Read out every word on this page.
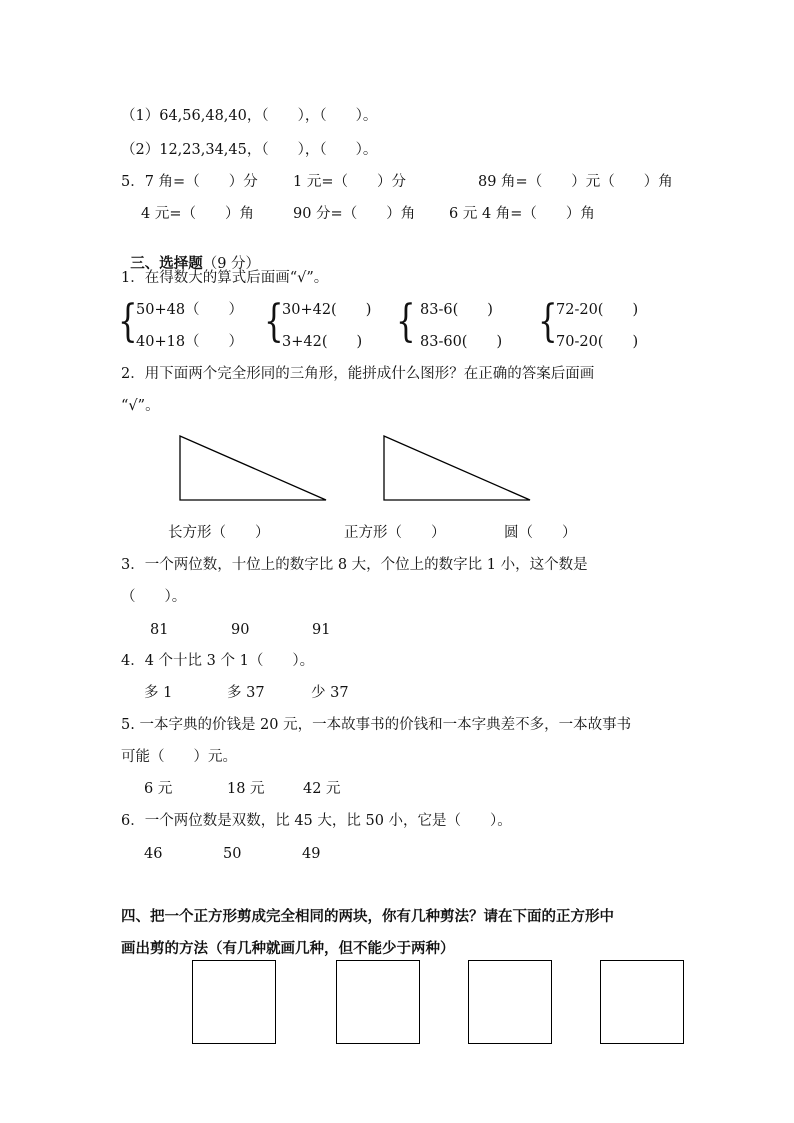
（1）64,56,48,40，（　　），（　　）。
（2）12,23,34,45，（　　），（　　）。
5．7 角=（　　）分 1 元=（　　）分	89 角=（　　）元（　　）角
4 元=（　　）角	90 分=（　　）角 6 元 4 角=（　　）角

三、选择题（9 分）

1．在得数大的算式后面画“√”。
{
50+48（　　）
40+18（　　） {
30+42(　　)
3+42(　　) { 83-6(　　)
83-60(　　) {
72-20(　　)
70-20(　　)
2．用下面两个完全形同的三角形，能拼成什么图形？在正确的答案后面画
“√”。
长方形（　　）	正方形（　　）	圆（　　）
3．一个两位数，十位上的数字比 8 大，个位上的数字比 1 小，这个数是
（　　）。
81	90	91
4．4 个十比 3 个 1（　　）。
多 1	多 37	少 37
5. 一本字典的价钱是 20 元，一本故事书的价钱和一本字典差不多，一本故事书
可能（　　）元。
6 元	18 元	42 元
6．一个两位数是双数，比 45 大，比 50 小，它是（　　）。
46	50	49
四、把一个正方形剪成完全相同的两块，你有几种剪法？请在下面的正方形中
画出剪的方法（有几种就画几种，但不能少于两种）
